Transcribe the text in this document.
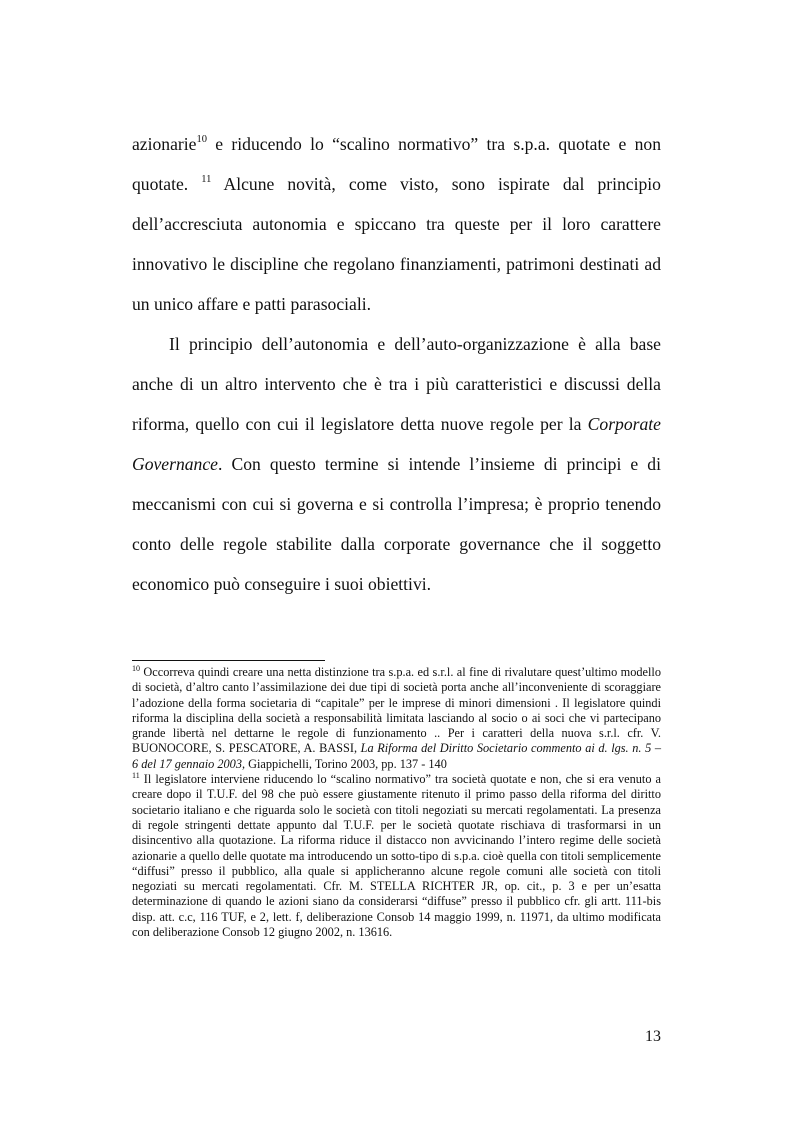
azionarie$^{10}$ e riducendo lo “scalino normativo” tra s.p.a. quotate e non quotate. $^{11}$ Alcune novità, come visto, sono ispirate dal principio dell’accresciuta autonomia e spiccano tra queste per il loro carattere innovativo le discipline che regolano finanziamenti, patrimoni destinati ad un unico affare e patti parasociali.

Il principio dell’autonomia e dell’auto-organizzazione è alla base anche di un altro intervento che è tra i più caratteristici e discussi della riforma, quello con cui il legislatore detta nuove regole per la Corporate Governance. Con questo termine si intende l’insieme di principi e di meccanismi con cui si governa e si controlla l’impresa; è proprio tenendo conto delle regole stabilite dalla corporate governance che il soggetto economico può conseguire i suoi obiettivi.

$^{10}$ Occorreva quindi creare una netta distinzione tra s.p.a. ed s.r.l. al fine di rivalutare quest’ultimo modello di società, d’altro canto l’assimilazione dei due tipi di società porta anche all’inconveniente di scoraggiare l’adozione della forma societaria di “capitale” per le imprese di minori dimensioni . Il legislatore quindi riforma la disciplina della società a responsabilità limitata lasciando al socio o ai soci che vi partecipano grande libertà nel dettarne le regole di funzionamento .. Per i caratteri della nuova s.r.l. cfr. V. BUONOCORE, S. PESCATORE, A. BASSI, La Riforma del Diritto Societario commento ai d. lgs. n. 5 – 6 del 17 gennaio 2003, Giappichelli, Torino 2003, pp. 137 - 140

$^{11}$ Il legislatore interviene riducendo lo “scalino normativo” tra società quotate e non, che si era venuto a creare dopo il T.U.F. del 98 che può essere giustamente ritenuto il primo passo della riforma del diritto societario italiano e che riguarda solo le società con titoli negoziati su mercati regolamentati. La presenza di regole stringenti dettate appunto dal T.U.F. per le società quotate rischiava di trasformarsi in un disincentivo alla quotazione. La riforma riduce il distacco non avvicinando l’intero regime delle società azionarie a quello delle quotate ma introducendo un sotto-tipo di s.p.a. cioè quella con titoli semplicemente “diffusi” presso il pubblico, alla quale si applicheranno alcune regole comuni alle società con titoli negoziati su mercati regolamentati. Cfr. M. STELLA RICHTER JR, op. cit., p. 3 e per un’esatta determinazione di quando le azioni siano da considerarsi “diffuse” presso il pubblico cfr. gli artt. 111-bis disp. att. c.c, 116 TUF, e 2, lett. f, deliberazione Consob 14 maggio 1999, n. 11971, da ultimo modificata con deliberazione Consob 12 giugno 2002, n. 13616.

13
